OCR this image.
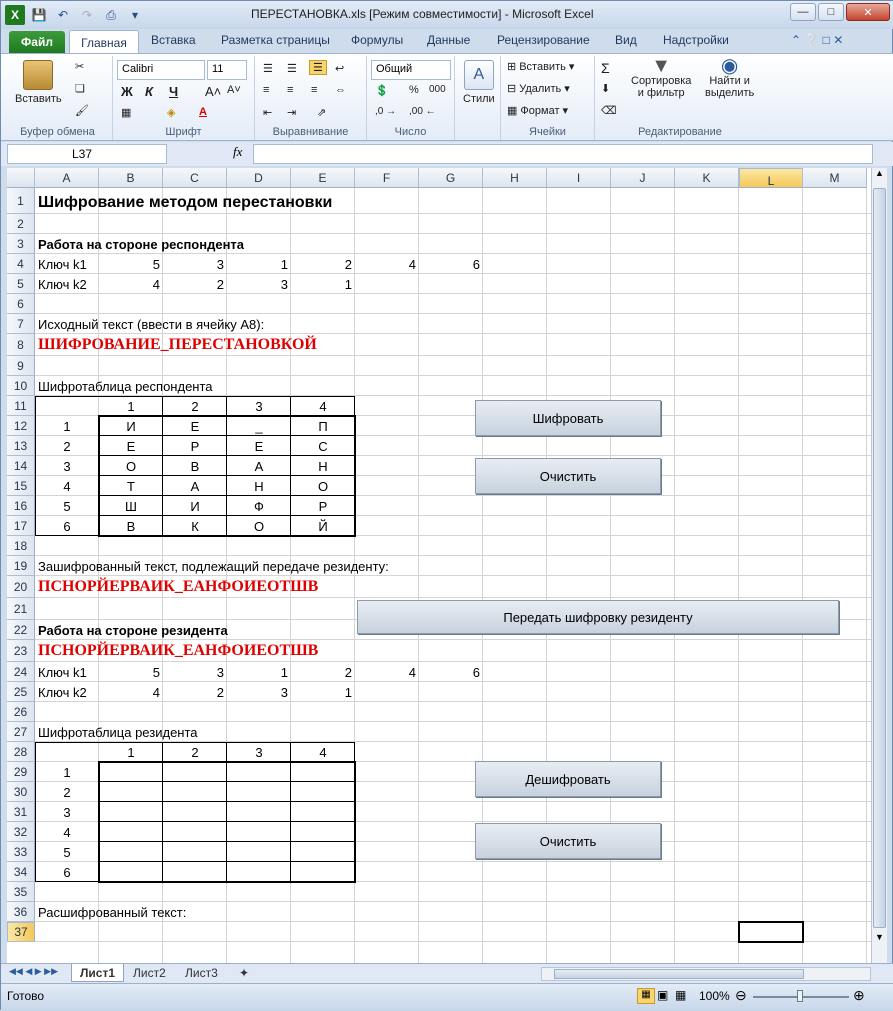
X	💾 ↶	↷	⎙	▾	ПЕРЕСТАНОВКА.xls [Режим совместимости] - Microsoft Excel	—	□	✕
Файл	Главная	Вставка Разметка страницы Формулы Данные Рецензирование Вид Надстройки	⌃ ❔ □ ✕
Вставить
✂
❏
🖌
Буфер обмена
Calibri	11
Ж К Ч A˄ A˅
▦	◈ A
Шрифт
☰ ☰	☰	↩
≡ ≡ ≡ ⇔
⇤ ⇥ ⇗
Выравнивание
Общий
💲 % 000
,0 → ,00 ←
Число
A
Стили
⊞ Вставить ▾
⊟ Удалить ▾
▦ Формат ▾
Ячейки
Σ
⬇
⌫
▼
Сортировка
и фильтр
◉
Найти и
выделить
Редактирование
L37	fx
A	B	C	D	E	F	G	H	I	J	K	L	M
1
2
3
4
5
6
7
8
9
10
11
12
13
14
15
16
17
18
19
20
21
22
23
24
25
26
27
28
29
30
31
32
33
34
35
36
37
Шифрование методом перестановки
Работа на стороне респондента
Ключ k1
Ключ k2
5	3	1	2	4	6
4	2	3	1
Исходный текст (ввести в ячейку А8):
ШИФРОВАНИЕ_ПЕРЕСТАНОВКОЙ
Шифротаблица респондента
1	2	3	4
1
2
3
4
5
6
И	Е	_	П
Е	Р	Е	С
О	В	А	Н
Т	А	Н	О
Ш	И	Ф	Р
В	К	О	Й
Зашифрованный текст, подлежащий передаче резиденту:
ПСНОРЙЕРВАИК_ЕАНФОИЕОТШВ
Работа на стороне резидента
ПСНОРЙЕРВАИК_ЕАНФОИЕОТШВ
Ключ k1
Ключ k2
5	3	1	2	4	6
4	2	3	1
Шифротаблица резидента
1	2	3	4
1
2
3
4
5
6
Расшифрованный текст:
Шифровать
Очистить
Передать шифровку резиденту
Дешифровать
Очистить
▲
▼
◀◀ ◀ ▶ ▶▶	Лист1	Лист2	Лист3	✦
Готово	▦ ▣ ▦ 100% ⊖	⊕
